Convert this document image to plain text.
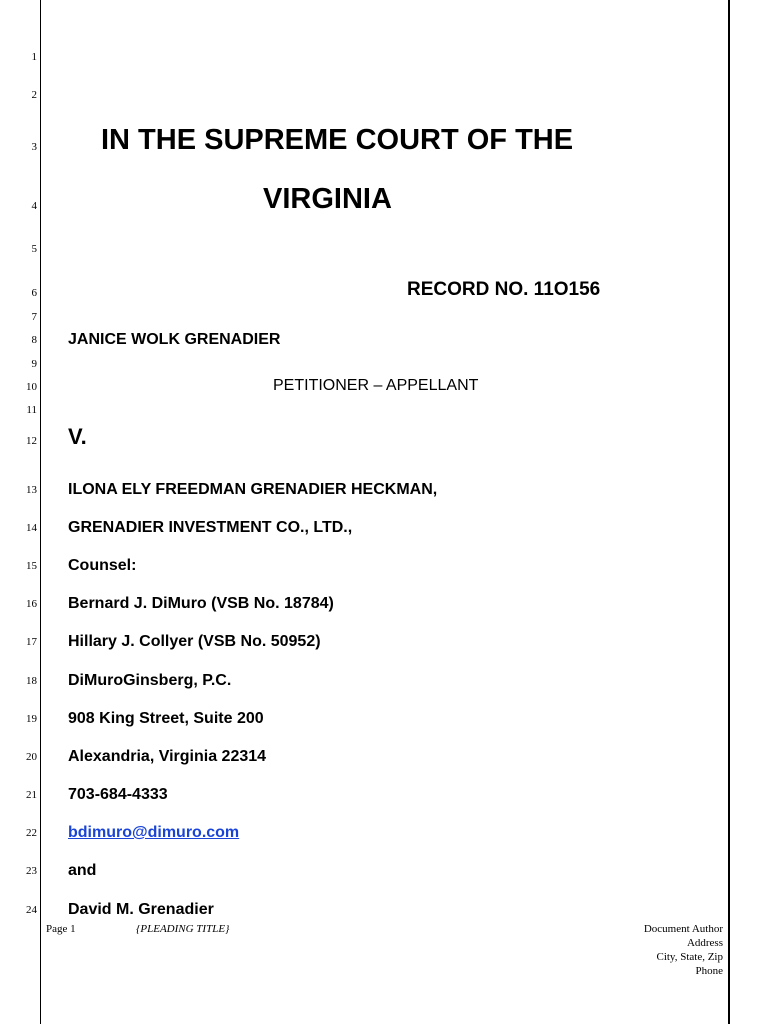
1
2
3
4
5
6
7
8
9
10
11
12
13
14
15
16
17
18
19
20
21
22
23
24
IN THE SUPREME COURT OF THE
VIRGINIA
RECORD NO. 11O156
JANICE WOLK GRENADIER
PETITIONER – APPELLANT
V.
ILONA ELY FREEDMAN GRENADIER HECKMAN,
GRENADIER INVESTMENT CO., LTD.,
Counsel:
Bernard J. DiMuro (VSB No. 18784)
Hillary J. Collyer (VSB No. 50952)
DiMuroGinsberg, P.C.
908 King Street, Suite 200
Alexandria, Virginia 22314
703-684-4333
bdimuro@dimuro.com
and
David M. Grenadier
Page 1	{PLEADING TITLE}	Document Author
Address
City, State, Zip
Phone
